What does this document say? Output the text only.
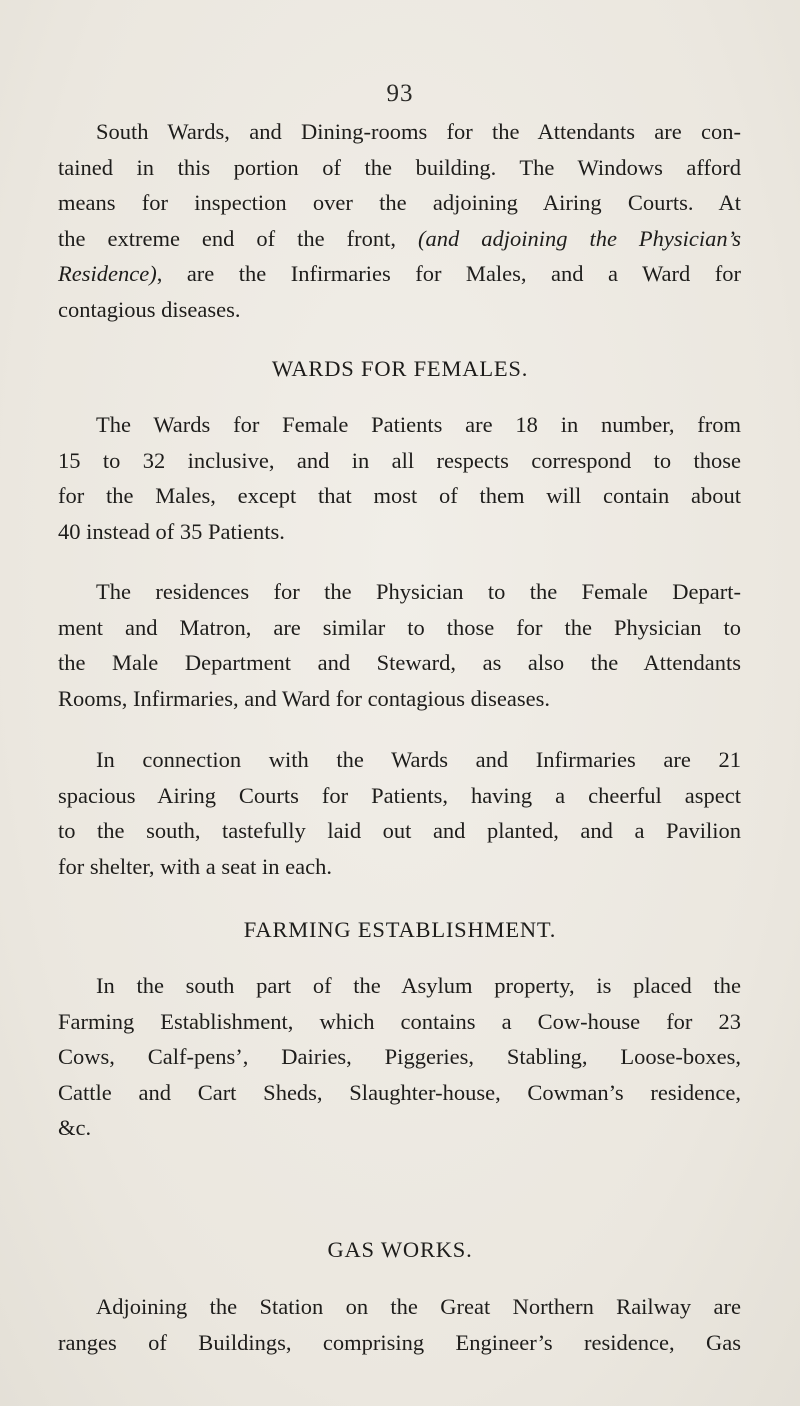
93

South Wards, and Dining-rooms for the Attendants are con-
tained in this portion of the building. The Windows afford
means for inspection over the adjoining Airing Courts. At
the extreme end of the front, (and adjoining the Physician’s
Residence), are the Infirmaries for Males, and a Ward for
contagious diseases.

WARDS FOR FEMALES.

The Wards for Female Patients are 18 in number, from
15 to 32 inclusive, and in all respects correspond to those
for the Males, except that most of them will contain about
40 instead of 35 Patients.

The residences for the Physician to the Female Depart-
ment and Matron, are similar to those for the Physician to
the Male Department and Steward, as also the Attendants
Rooms, Infirmaries, and Ward for contagious diseases.

In connection with the Wards and Infirmaries are 21
spacious Airing Courts for Patients, having a cheerful aspect
to the south, tastefully laid out and planted, and a Pavilion
for shelter, with a seat in each.

FARMING ESTABLISHMENT.

In the south part of the Asylum property, is placed the
Farming Establishment, which contains a Cow-house for 23
Cows, Calf-pens’, Dairies, Piggeries, Stabling, Loose-boxes,
Cattle and Cart Sheds, Slaughter-house, Cowman’s residence,
&c.

GAS WORKS.

Adjoining the Station on the Great Northern Railway are
ranges of Buildings, comprising Engineer’s residence, Gas
